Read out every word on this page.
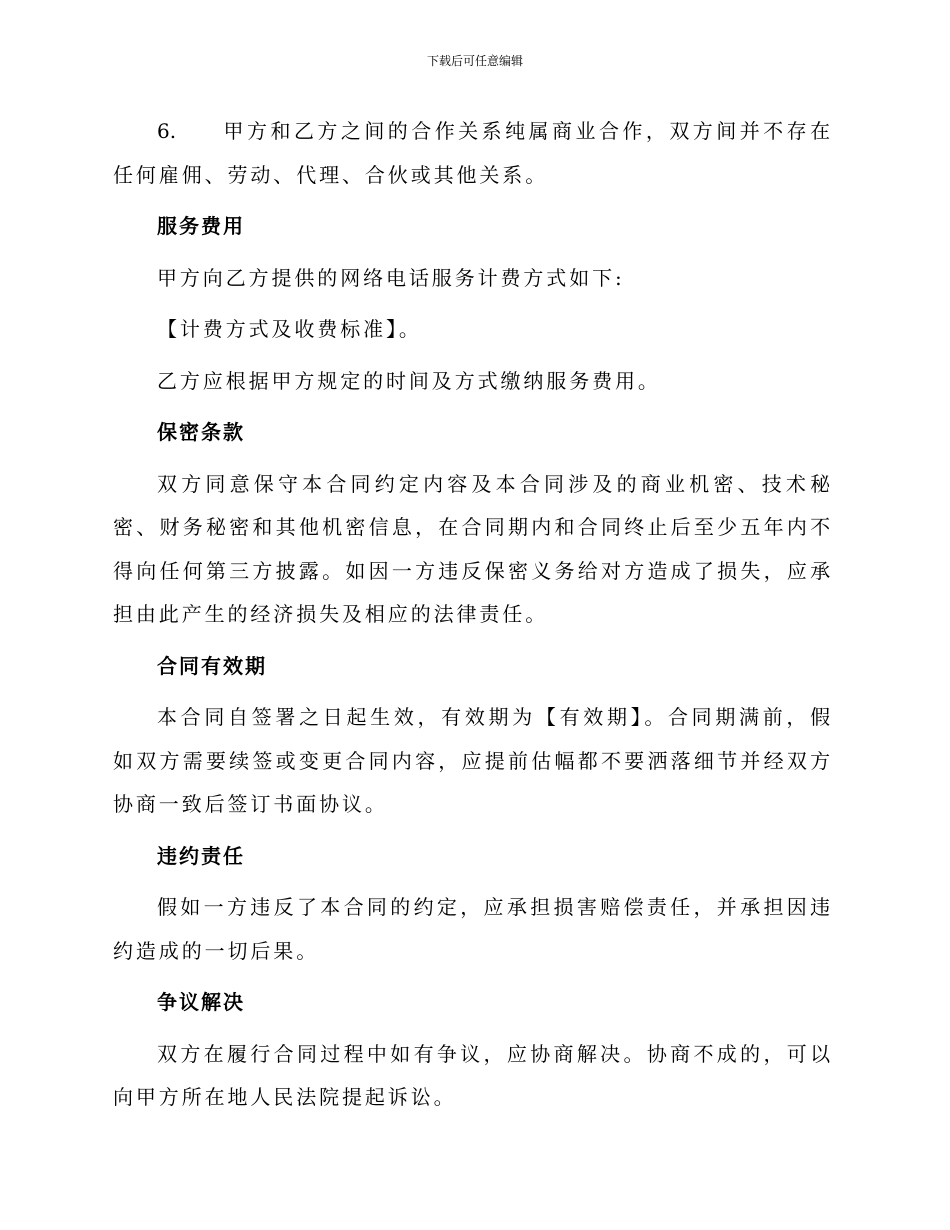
下载后可任意编辑

6. 甲方和乙方之间的合作关系纯属商业合作，双方间并不存在任何雇佣、劳动、代理、合伙或其他关系。

服务费用

甲方向乙方提供的网络电话服务计费方式如下:

【计费方式及收费标准】。

乙方应根据甲方规定的时间及方式缴纳服务费用。

保密条款

双方同意保守本合同约定内容及本合同涉及的商业机密、技术秘密、财务秘密和其他机密信息，在合同期内和合同终止后至少五年内不得向任何第三方披露。如因一方违反保密义务给对方造成了损失，应承担由此产生的经济损失及相应的法律责任。

合同有效期

本合同自签署之日起生效，有效期为【有效期】。合同期满前，假如双方需要续签或变更合同内容，应提前估幅都不要洒落细节并经双方协商一致后签订书面协议。

违约责任

假如一方违反了本合同的约定，应承担损害赔偿责任，并承担因违约造成的一切后果。

争议解决

双方在履行合同过程中如有争议，应协商解决。协商不成的，可以向甲方所在地人民法院提起诉讼。
